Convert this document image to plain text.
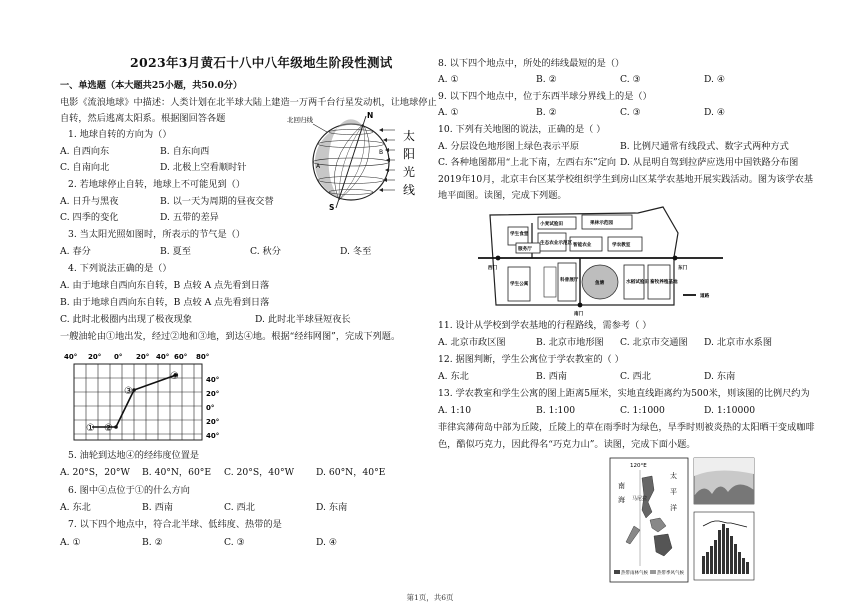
2023年3月黄石十八中八年级地生阶段性测试
一、单选题（本大题共25小题，共50.0分）
电影《流浪地球》中描述：人类计划在北半球大陆上建造一万两千台行星发动机，让地球停止
自转，然后逃离太阳系。根据图回答各题
1. 地球自转的方向为（）
A. 自西向东	B. 自东向西
C. 自南向北	D. 北极上空看顺时针
2. 若地球停止自转，地球上不可能见到（）
A. 日升与黑夜	B. 以一天为周期的昼夜交替
C. 四季的变化	D. 五带的差异
3. 当太阳光照如图时，所表示的节气是（）
A. 春分	B. 夏至	C. 秋分	D. 冬至
4. 下列说法正确的是（）
A. 由于地球自西向东自转，B 点较 A 点先看到日落
B. 由于地球自西向东自转，B 点较 A 点先看到日落
C. 此时北极圈内出现了极夜现象	D. 此时北半球昼短夜长
一艘油轮由①地出发，经过②地和③地，到达④地。根据“经纬网图”，完成下列题。
5. 油轮到达地④的经纬度位置是
A. 20°S，20°W B. 40°N，60°E C. 20°S，40°W D. 60°N，40°E
6. 图中④点位于①的什么方向
A. 东北	B. 西南	C. 西北	D. 东南
7. 以下四个地点中，符合北半球、低纬度、热带的是
A. ①	B. ②	C. ③	D. ④
北回归线	N
S
A
B
太
阳
光
线
40° 20° 0° 20° 40° 60° 80°
40°
20°
0°
20°
40°
① ②
③
④
8. 以下四个地点中，所处的纬线最短的是（）
A. ①	B. ②	C. ③	D. ④
9. 以下四个地点中，位于东西半球分界线上的是（）
A. ①	B. ②	C. ③	D. ④
10. 下列有关地图的说法，正确的是（ ）
A. 分层设色地形图上绿色表示平原	B. 比例尺通常有线段式、数字式两种方式
C. 各种地图都用“上北下南，左西右东”定向 D. 从昆明自驾到拉萨应选用中国铁路分布图
2019年10月，北京丰台区某学校组织学生到房山区某学农基地开展实践活动。图为该学农基
地平面图。读图，完成下列题。
11. 设计从学校到学农基地的行程路线，需参考（ ）
A. 北京市政区图	B. 北京市地形图 C. 北京市交通图 D. 北京市水系图
12. 据图判断，学生公寓位于学农教室的（ ）
A. 东北	B. 西南	C. 西北	D. 东南
13. 学农教室和学生公寓的图上距离5厘米，实地直线距离约为500米，则该图的比例尺约为
A. 1:10	B. 1:100	C. 1:1000	D. 1:10000
菲律宾薄荷岛中部为丘陵，丘陵上的草在雨季时为绿色，旱季时则被炎热的太阳晒干变成咖啡
色，酷似巧克力，因此得名“巧克力山”。读图，完成下面小题。
学生食堂
小麦试验田	果林示范园
生态农业示范区 智能农业	学农教室
服务厅
学生公寓
科普展厅
鱼塘	水稻试验田 畜牧养殖基地
西门	东门
南门
道路
120°E
南
海
太
平
洋
马尼拉
热带雨林气候 热带季风气候
第1页，共6页
